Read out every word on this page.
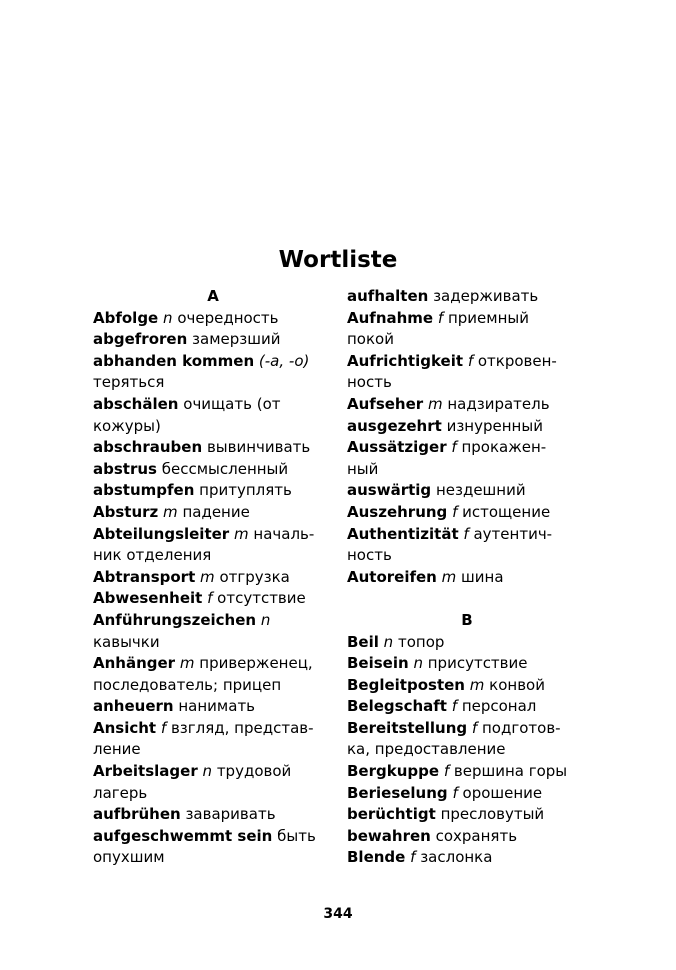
Wortliste
A
Abfolge n очередность
abgefroren замерзший
abhanden kommen (-а, -о)
теряться
abschälen очищать (от
кожуры)
abschrauben вывинчивать
abstrus бессмысленный
abstumpfen притуплять
Absturz m падение
Abteilungsleiter m началь-
ник отделения
Abtransport m отгрузка
Abwesenheit f отсутствие
Anführungszeichen n
кавычки
Anhänger m приверженец,
последователь; прицеп
anheuern нанимать
Ansicht f взгляд, представ-
ление
Arbeitslager n трудовой
лагерь
aufbrühen заваривать
aufgeschwemmt sein быть
опухшим
aufhalten задерживать
Aufnahme f приемный
покой
Aufrichtigkeit f откровен-
ность
Aufseher m надзиратель
ausgezehrt изнуренный
Aussätziger f прокажен-
ный
auswärtig нездешний
Auszehrung f истощение
Authentizität f аутентич-
ность
Autoreifen m шина
B
Beil n топор
Beisein n присутствие
Begleitposten m конвой
Belegschaft f персонал
Bereitstellung f подготов-
ка, предоставление
Bergkuppe f вершина горы
Berieselung f орошение
berüchtigt пресловутый
bewahren сохранять
Blende f заслонка
344
